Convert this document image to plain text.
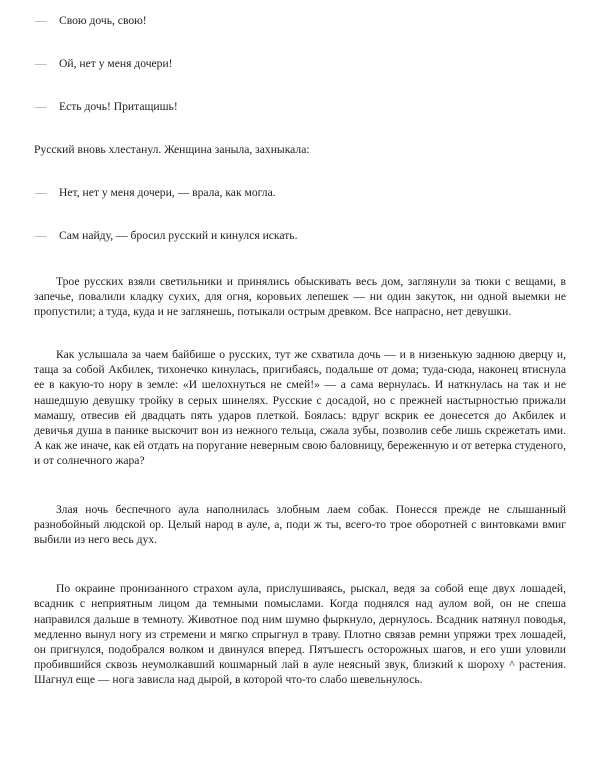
—	Свою дочь, свою!
—	Ой, нет у меня дочери!
—	Есть дочь! Притащишь!
Русский вновь хлестанул. Женщина заныла, захныкала:
—	Нет, нет у меня дочери, — врала, как могла.
—	Сам найду, — бросил русский и кинулся искать.

Трое русских взяли светильники и принялись обыскивать весь дом, заглянули за тюки с вещами, в запечье, повалили кладку сухих, для огня, коровьих лепешек — ни один закуток, ни одной выемки не пропустили; а туда, куда и не заглянешь, потыкали острым древком. Все напрасно, нет девушки.

Как услышала за чаем байбише о русских, тут же схватила дочь — и в низенькую заднюю дверцу и, таща за собой Акбилек, тихонечко кинулась, пригибаясь, подальше от дома; туда-сюда, наконец втиснула ее в какую-то нору в земле: «И шелохнуться не смей!» — а сама вернулась. И наткнулась на так и не нашедшую девушку тройку в серых шинелях. Русские с досадой, но с прежней настырностью прижали мамашу, отвесив ей двадцать пять ударов плеткой. Боялась: вдруг вскрик ее донесется до Акбилек и девичья душа в панике выскочит вон из нежного тельца, сжала зубы, позволив себе лишь скрежетать ими. А как же иначе, как ей отдать на поругание неверным свою баловницу, береженную и от ветерка студеного, и от солнечного жара?

Злая ночь беспечного аула наполнилась злобным лаем собак. Понесся прежде не слышанный разнобойный людской ор. Целый народ в ауле, а, поди ж ты, всего-то трое оборотней с винтовками вмиг выбили из него весь дух.

По окраине пронизанного страхом аула, прислушиваясь, рыскал, ведя за собой еще двух лошадей, всадник с неприятным лицом да темными помыслами. Когда поднялся над аулом вой, он не спеша направился дальше в темноту. Животное под ним шумно фыркнуло, дернулось. Всадник натянул поводья, медленно вынул ногу из стремени и мягко спрыгнул в траву. Плотно связав ремни упряжи трех лошадей, он пригнулся, подобрался волком и двинулся вперед. Пятъшесгь осторожных шагов, и его уши уловили пробившийся сквозь неумолкавший кошмарный лай в ауле неясный звук, близкий к шороху ^ растения. Шагнул еще — нога зависла над дырой, в которой что-то слабо шевельнулось.
